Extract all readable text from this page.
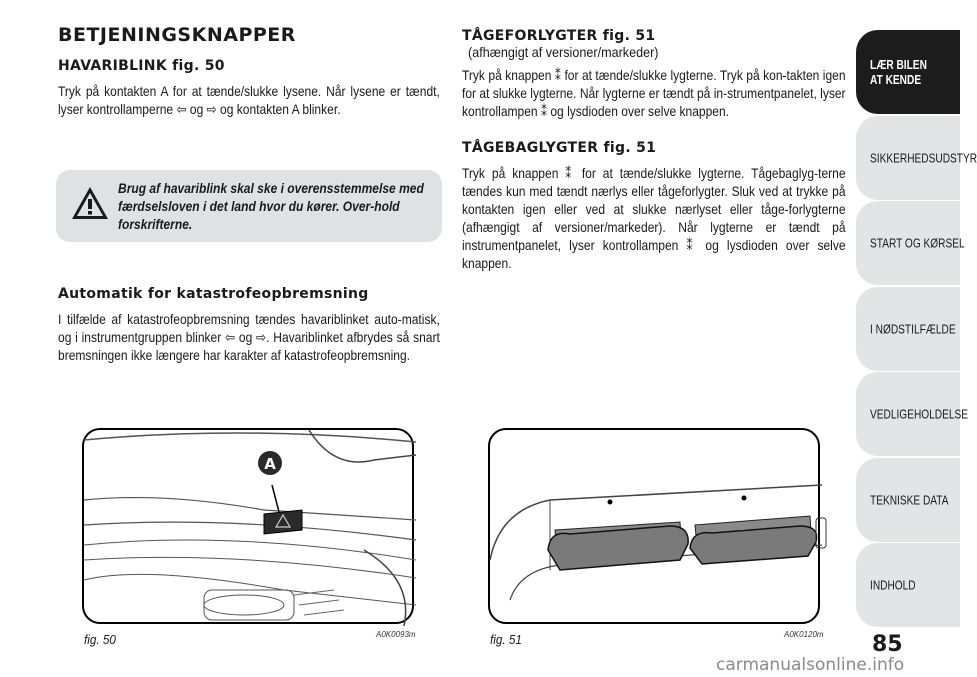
BETJENINGSKNAPPER
HAVARIBLINK fig. 50
Tryk på kontakten A for at tænde/slukke lysene. Når lysene er tændt, lyser kontrollamperne ⇦ og ⇨ og kontakten A blinker.
Brug af havariblink skal ske i overensstemmelse med færdselsloven i det land hvor du kører. Over-hold forskrifterne.
Automatik for katastrofeopbremsning
I tilfælde af katastrofeopbremsning tændes havariblinket auto-matisk, og i instrumentgruppen blinker ⇦ og ⇨. Havariblinket afbrydes så snart bremsningen ikke længere har karakter af katastrofeopbremsning.
TÅGEFORLYGTER fig. 51
(afhængigt af versioner/markeder)
Tryk på knappen ⁑ for at tænde/slukke lygterne. Tryk på kon-takten igen for at slukke lygterne. Når lygterne er tændt på in-strumentpanelet, lyser kontrollampen ⁑ og lysdioden over selve knappen.
TÅGEBAGLYGTER fig. 51
Tryk på knappen ⁑ for at tænde/slukke lygterne. Tågebaglyg-terne tændes kun med tændt nærlys eller tågeforlygter. Sluk ved at trykke på kontakten igen eller ved at slukke nærlyset eller tåge-forlygterne (afhængigt af versioner/markeder). Når lygterne er tændt på instrumentpanelet, lyser kontrollampen ⁑ og lysdioden over selve knappen.
A
fig. 50	A0K0093m	fig. 51	A0K0120m 85
LÆR BILEN
AT KENDE
SIKKERHEDSUDSTYR
START OG KØRSEL
I NØDSTILFÆLDE
VEDLIGEHOLDELSE
TEKNISKE DATA
INDHOLD
carmanualsonline.info
